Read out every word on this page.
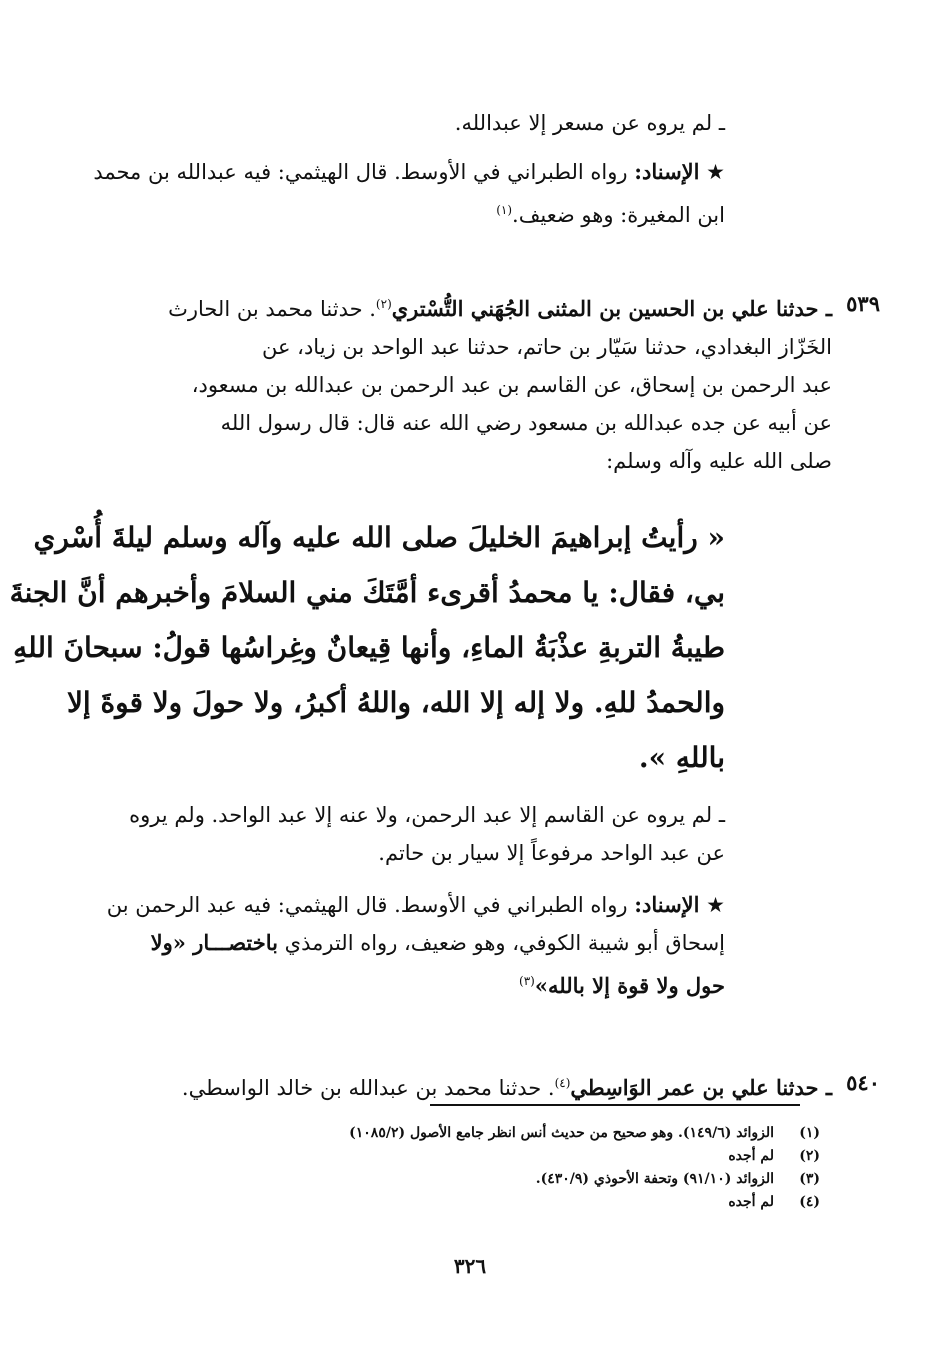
ـ لم يروه عن مسعر إلا عبدالله.
★ الإسناد: رواه الطبراني في الأوسط. قال الهيثمي: فيه عبدالله بن محمد
ابن المغيرة: وهو ضعيف.$^{(١)}$
ـ حدثنا علي بن الحسين بن المثنى الجُهَني التُّسْتري$^{(٢)}$. حدثنا محمد بن الحارث
الخَزّاز البغدادي، حدثنا سَيّار بن حاتم، حدثنا عبد الواحد بن زياد، عن
عبد الرحمن بن إسحاق، عن القاسم بن عبد الرحمن بن عبدالله بن مسعود،
عن أبيه عن جده عبدالله بن مسعود رضي الله عنه قال: قال رسول الله
صلى الله عليه وآله وسلم:
٥٣٩
« رأيتُ إبراهيمَ الخليلَ صلى الله عليه وآله وسلم ليلةَ أُسْري
بي، فقال: يا محمدُ أقرىء أمَّتَكَ مني السلامَ وأخبرهم أنَّ الجنةَ
طيبةُ التربةِ عذْبَةُ الماءِ، وأنها قِيعانٌ وغِراسُها قولُ: سبحانَ اللهِ
والحمدُ للهِ. ولا إله إلا الله، واللهُ أكبرُ، ولا حولَ ولا قوةَ إلا
باللهِ ».
ـ لم يروه عن القاسم إلا عبد الرحمن، ولا عنه إلا عبد الواحد. ولم يروه
عن عبد الواحد مرفوعاً إلا سيار بن حاتم.
★ الإسناد: رواه الطبراني في الأوسط. قال الهيثمي: فيه عبد الرحمن بن
إسحاق أبو شيبة الكوفي، وهو ضعيف، رواه الترمذي باختصـــار «ولا
حول ولا قوة إلا بالله»$^{(٣)}$
٥٤٠
ـ حدثنا علي بن عمر الوَاسِطي$^{(٤)}$. حدثنا محمد بن عبدالله بن خالد الواسطي.
(١)الزوائد (١٤٩/٦). وهو صحيح من حديث أنس انظر جامع الأصول (١٠٨٥/٢)
(٢)لم أجده
(٣)الزوائد (٩١/١٠) وتحفة الأحوذي (٤٣٠/٩).
(٤)لم أجده
٣٢٦
